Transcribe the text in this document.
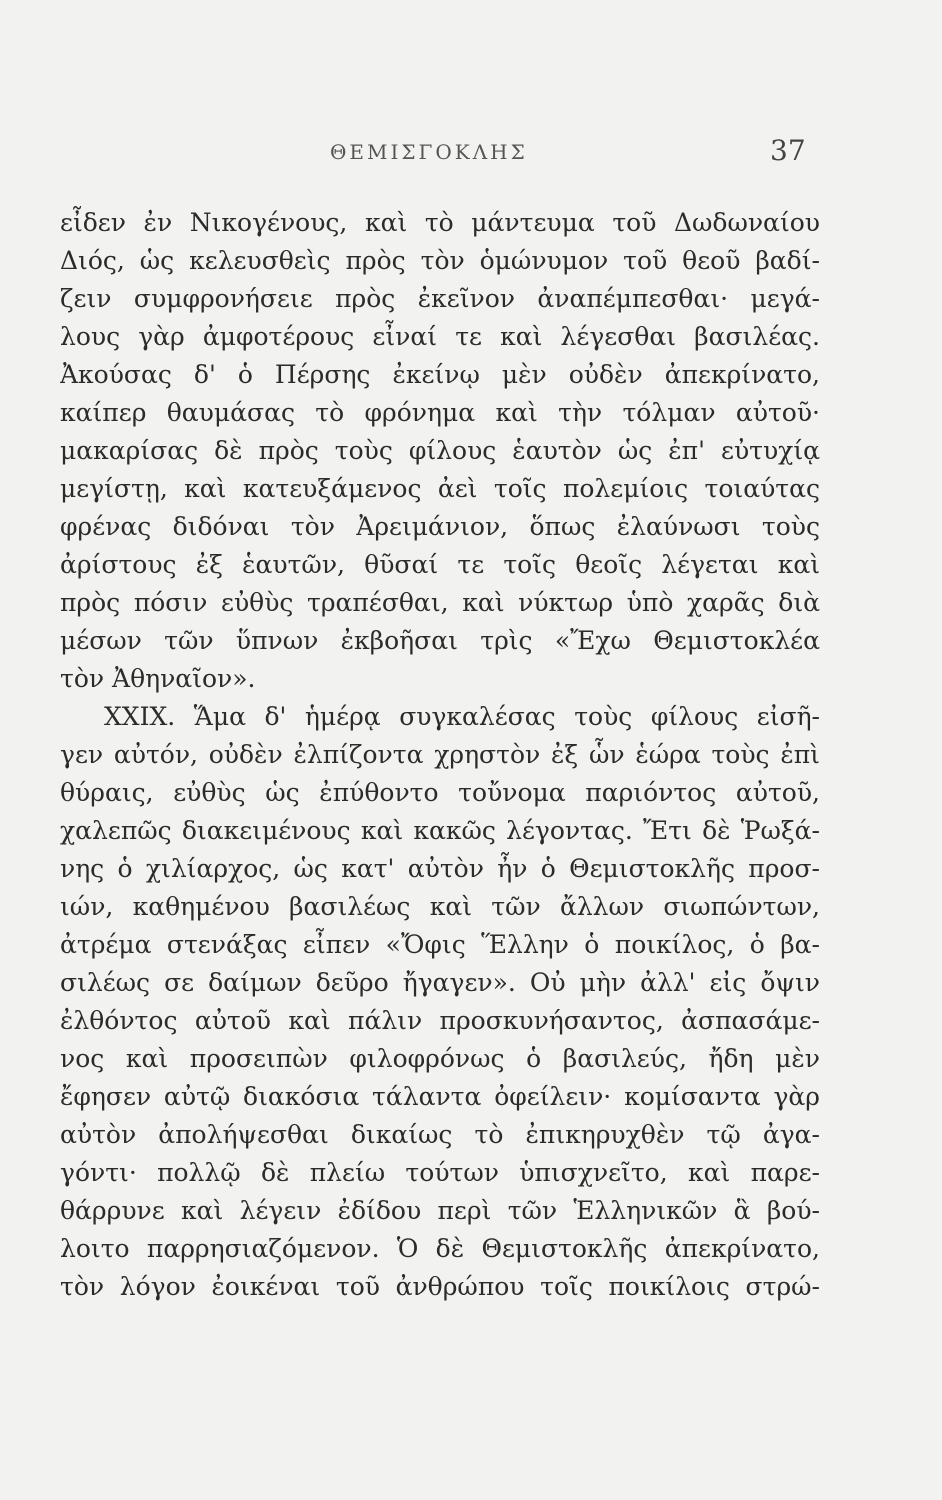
ΘΕΜΙΣΓΟΚΛΗΣ	37
εἶδεν ἐν Νικογένους, καὶ τὸ μάντευμα τοῦ Δωδωναίου
Διός, ὡς κελευσθεὶς πρὸς τὸν ὁμώνυμον τοῦ θεοῦ βαδί-
ζειν συμφρονήσειε πρὸς ἐκεῖνον ἀναπέμπεσθαι· μεγά-
λους γὰρ ἀμφοτέρους εἶναί τε καὶ λέγεσθαι βασιλέας.
Ἀκούσας δ' ὁ Πέρσης ἐκείνῳ μὲν οὐδὲν ἀπεκρίνατο,
καίπερ θαυμάσας τὸ φρόνημα καὶ τὴν τόλμαν αὐτοῦ·
μακαρίσας δὲ πρὸς τοὺς φίλους ἑαυτὸν ὡς ἐπ' εὐτυχίᾳ
μεγίστῃ, καὶ κατευξάμενος ἀεὶ τοῖς πολεμίοις τοιαύτας
φρένας διδόναι τὸν Ἀρειμάνιον, ὅπως ἐλαύνωσι τοὺς
ἀρίστους ἐξ ἑαυτῶν, θῦσαί τε τοῖς θεοῖς λέγεται καὶ
πρὸς πόσιν εὐθὺς τραπέσθαι, καὶ νύκτωρ ὑπὸ χαρᾶς διὰ
μέσων τῶν ὕπνων ἐκβοῆσαι τρὶς «Ἔχω Θεμιστοκλέα
τὸν Ἀθηναῖον».
XXIX. Ἅμα δ' ἡμέρᾳ συγκαλέσας τοὺς φίλους εἰσῆ-
γεν αὐτόν, οὐδὲν ἐλπίζοντα χρηστὸν ἐξ ὧν ἑώρα τοὺς ἐπὶ
θύραις, εὐθὺς ὡς ἐπύθοντο τοὔνομα παριόντος αὐτοῦ,
χαλεπῶς διακειμένους καὶ κακῶς λέγοντας. Ἔτι δὲ Ῥωξά-
νης ὁ χιλίαρχος, ὡς κατ' αὐτὸν ἦν ὁ Θεμιστοκλῆς προσ-
ιών, καθημένου βασιλέως καὶ τῶν ἄλλων σιωπώντων,
ἀτρέμα στενάξας εἶπεν «Ὄφις Ἕλλην ὁ ποικίλος, ὁ βα-
σιλέως σε δαίμων δεῦρο ἤγαγεν». Οὐ μὴν ἀλλ' εἰς ὄψιν
ἐλθόντος αὐτοῦ καὶ πάλιν προσκυνήσαντος, ἀσπασάμε-
νος καὶ προσειπὼν φιλοφρόνως ὁ βασιλεύς, ἤδη μὲν
ἔφησεν αὐτῷ διακόσια τάλαντα ὀφείλειν· κομίσαντα γὰρ
αὐτὸν ἀπολήψεσθαι δικαίως τὸ ἐπικηρυχθὲν τῷ ἀγα-
γόντι· πολλῷ δὲ πλείω τούτων ὑπισχνεῖτο, καὶ παρε-
θάρρυνε καὶ λέγειν ἐδίδου περὶ τῶν Ἑλληνικῶν ἃ βού-
λοιτο παρρησιαζόμενον. Ὁ δὲ Θεμιστοκλῆς ἀπεκρίνατο,
τὸν λόγον ἐοικέναι τοῦ ἀνθρώπου τοῖς ποικίλοις στρώ-
